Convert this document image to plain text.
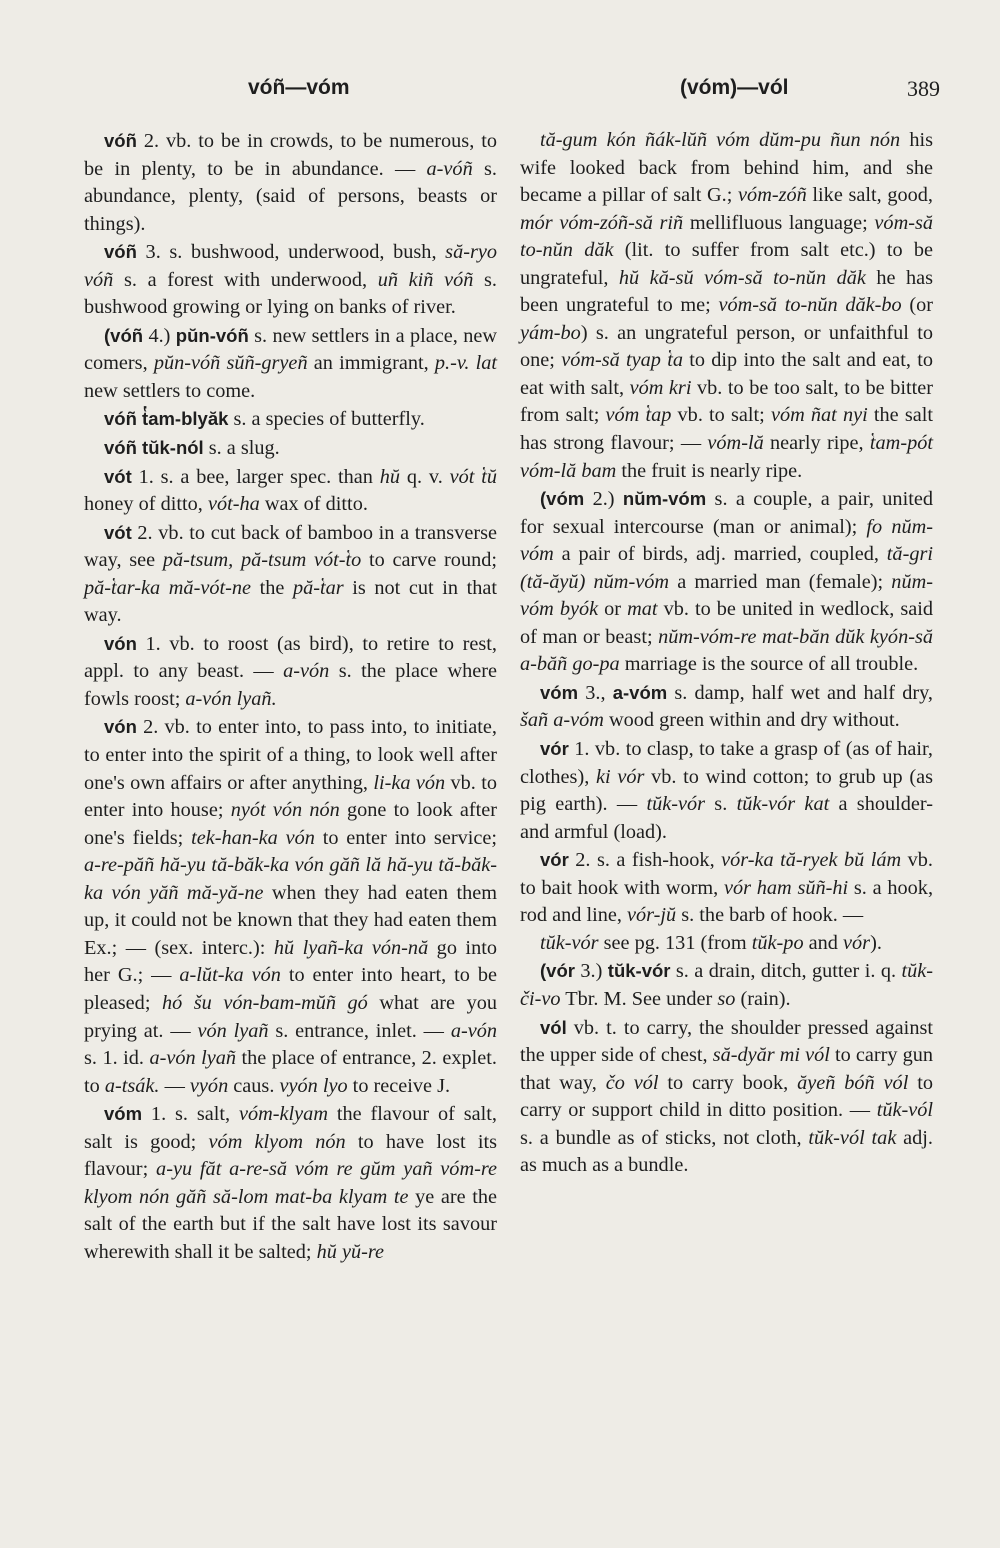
vóñ—vóm	(vóm)—vól	389

vóñ 2. vb. to be in crowds, to be numerous, to be in plenty, to be in abundance. — a-vóñ s. abundance, plenty, (said of persons, beasts or things).

vóñ 3. s. bushwood, underwood, bush, să-ryo vóñ s. a forest with underwood, uñ kiñ vóñ s. bushwood growing or lying on banks of river.

(vóñ 4.) pŭn-vóñ s. new settlers in a place, new comers, pŭn-vóñ sŭñ-gryeñ an immigrant, p.-v. lat new settlers to come.

vóñ t̔am-blyăk s. a species of butterfly.

vóñ tŭk-nól s. a slug.

vót 1. s. a bee, larger spec. than hŭ q. v. vót t̔ŭ honey of ditto, vót-ha wax of ditto.

vót 2. vb. to cut back of bamboo in a transverse way, see pă-tsum, pă-tsum vót-t̔o to carve round; pă-t̔ar-ka mă-vót-ne the pă-t̔ar is not cut in that way.

vón 1. vb. to roost (as bird), to retire to rest, appl. to any beast. — a-vón s. the place where fowls roost; a-vón lyañ.

vón 2. vb. to enter into, to pass into, to initiate, to enter into the spirit of a thing, to look well after one's own affairs or after anything, li-ka vón vb. to enter into house; nyót vón nón gone to look after one's fields; tek-han-ka vón to enter into service; a-re-păñ hă-yu tă-băk-ka vón găñ lă hă-yu tă-băk-ka vón yăñ mă-yă-ne when they had eaten them up, it could not be known that they had eaten them Ex.; — (sex. interc.): hŭ lyañ-ka vón-nă go into her G.; — a-lŭt-ka vón to enter into heart, to be pleased; hó šu vón-bam-mŭñ gó what are you prying at. — vón lyañ s. entrance, inlet. — a-vón s. 1. id. a-vón lyañ the place of entrance, 2. explet. to a-tsák. — vyón caus. vyón lyo to receive J.

vóm 1. s. salt, vóm-klyam the flavour of salt, salt is good; vóm klyom nón to have lost its flavour; a-yu făt a-re-să vóm re gŭm yañ vóm-re klyom nón găñ să-lom mat-ba klyam te ye are the salt of the earth but if the salt have lost its savour wherewith shall it be salted; hŭ yŭ-re

tă-gum kón ñák-lŭñ vóm dŭm-pu ñun nón his wife looked back from behind him, and she became a pillar of salt G.; vóm-zóñ like salt, good, mór vóm-zóñ-să riñ mellifluous language; vóm-să to-nŭn dăk (lit. to suffer from salt etc.) to be ungrateful, hŭ kă-sŭ vóm-să to-nŭn dăk he has been ungrateful to me; vóm-să to-nŭn dăk-bo (or yám-bo) s. an ungrateful person, or unfaithful to one; vóm-să tyap t̔a to dip into the salt and eat, to eat with salt, vóm kri vb. to be too salt, to be bitter from salt; vóm t̔ap vb. to salt; vóm ñat nyi the salt has strong flavour; — vóm-lă nearly ripe, t̔am-pót vóm-lă bam the fruit is nearly ripe.

(vóm 2.) nŭm-vóm s. a couple, a pair, united for sexual intercourse (man or animal); fo nŭm-vóm a pair of birds, adj. married, coupled, tă-gri (tă-ăyŭ) nŭm-vóm a married man (female); nŭm-vóm byók or mat vb. to be united in wedlock, said of man or beast; nŭm-vóm-re mat-băn dŭk kyón-să a-băñ go-pa marriage is the source of all trouble.

vóm 3., a-vóm s. damp, half wet and half dry, šañ a-vóm wood green within and dry without.

vór 1. vb. to clasp, to take a grasp of (as of hair, clothes), ki vór vb. to wind cotton; to grub up (as pig earth). — tŭk-vór s. tŭk-vór kat a shoulder- and armful (load).

vór 2. s. a fish-hook, vór-ka tă-ryek bŭ lám vb. to bait hook with worm, vór ham sŭñ-hi s. a hook, rod and line, vór-jŭ s. the barb of hook. —

tŭk-vór see pg. 131 (from tŭk-po and vór).

(vór 3.) tŭk-vór s. a drain, ditch, gutter i. q. tŭk-či-vo Tbr. M. See under so (rain).

vól vb. t. to carry, the shoulder pressed against the upper side of chest, să-dyăr mi vól to carry gun that way, čo vól to carry book, ăyeñ bóñ vól to carry or support child in ditto position. — tŭk-vól s. a bundle as of sticks, not cloth, tŭk-vól tak adj. as much as a bundle.
